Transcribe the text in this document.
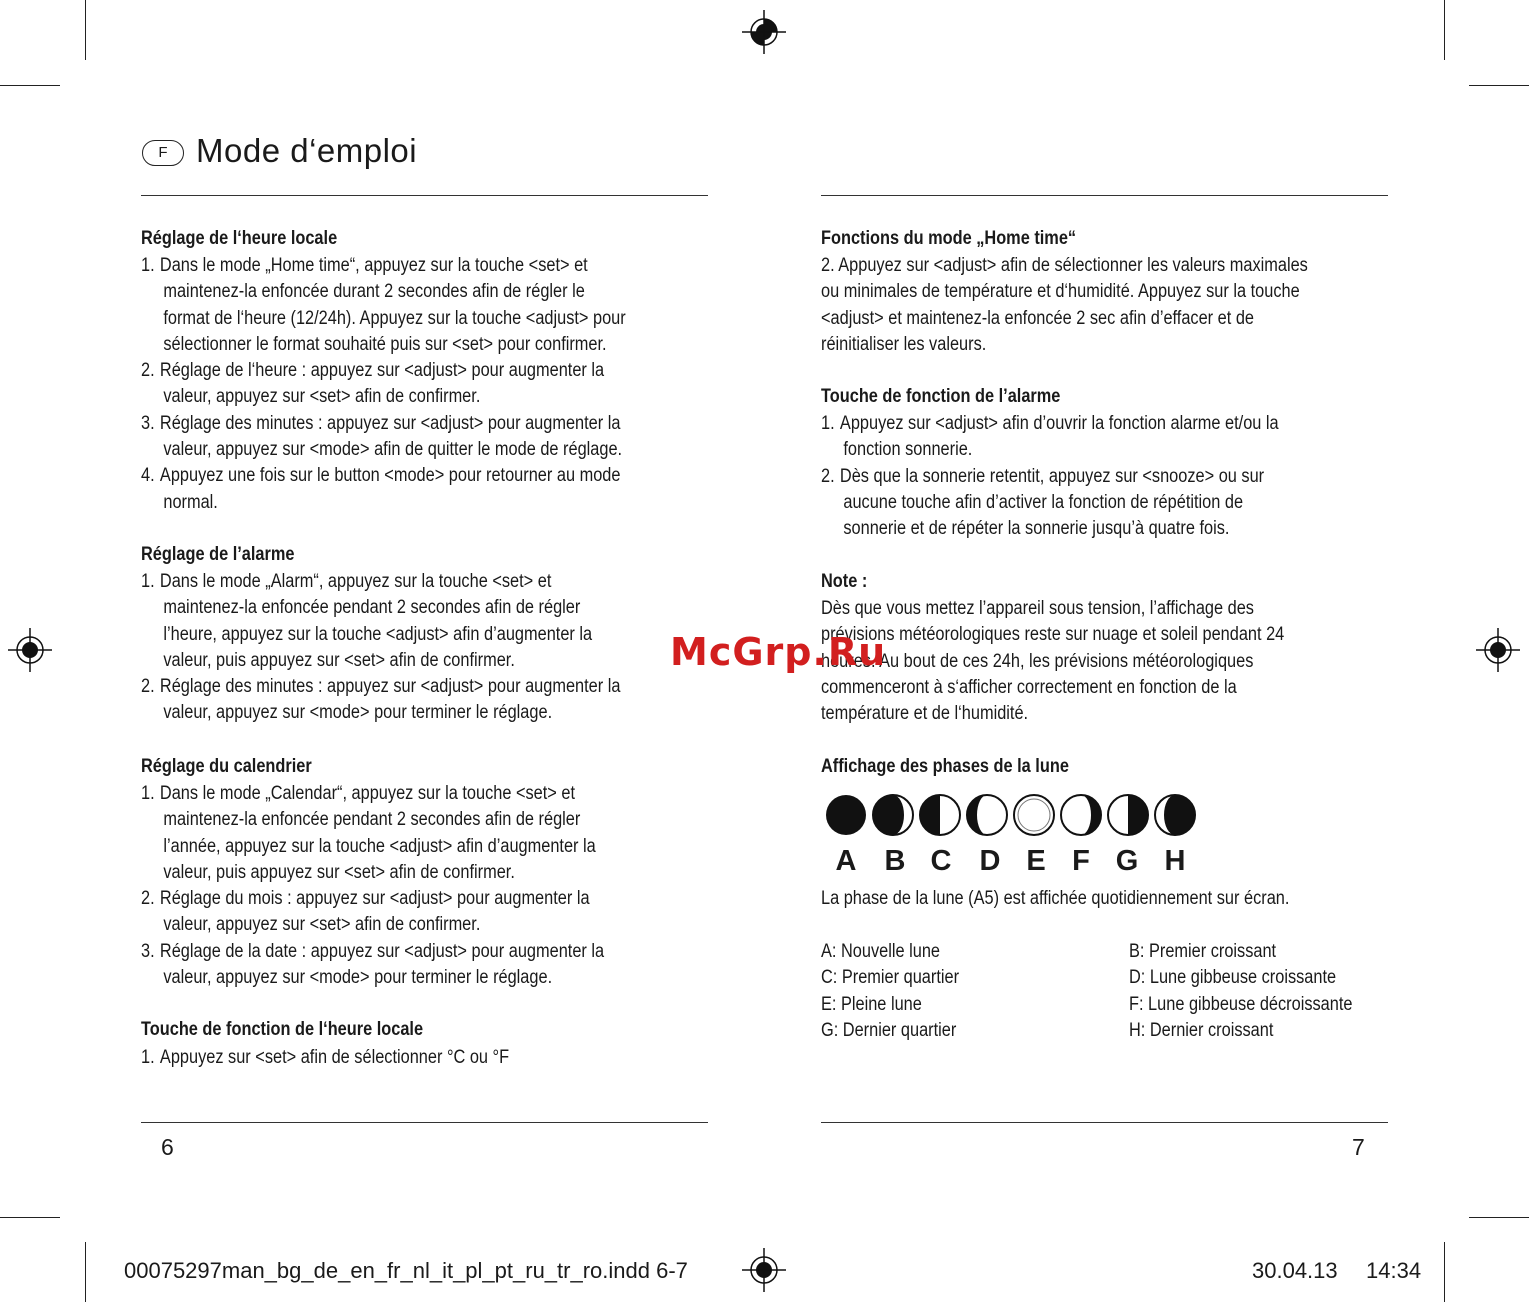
F Mode d‘emploi
Réglage de l‘heure locale
1. Dans le mode „Home time“, appuyez sur la touche <set> et
maintenez-la enfoncée durant 2 secondes afin de régler le
format de l‘heure (12/24h). Appuyez sur la touche <adjust> pour
sélectionner le format souhaité puis sur <set> pour confirmer.
2. Réglage de l‘heure : appuyez sur <adjust> pour augmenter la
valeur, appuyez sur <set> afin de confirmer.
3. Réglage des minutes : appuyez sur <adjust> pour augmenter la
valeur, appuyez sur <mode> afin de quitter le mode de réglage.
4. Appuyez une fois sur le button <mode> pour retourner au mode
normal.
Réglage de l’alarme
1. Dans le mode „Alarm“, appuyez sur la touche <set> et
maintenez-la enfoncée pendant 2 secondes afin de régler
l’heure, appuyez sur la touche <adjust> afin d’augmenter la
valeur, puis appuyez sur <set> afin de confirmer.
2. Réglage des minutes : appuyez sur <adjust> pour augmenter la
valeur, appuyez sur <mode> pour terminer le réglage.
Réglage du calendrier
1. Dans le mode „Calendar“, appuyez sur la touche <set> et
maintenez-la enfoncée pendant 2 secondes afin de régler
l’année, appuyez sur la touche <adjust> afin d’augmenter la
valeur, puis appuyez sur <set> afin de confirmer.
2. Réglage du mois : appuyez sur <adjust> pour augmenter la
valeur, appuyez sur <set> afin de confirmer.
3. Réglage de la date : appuyez sur <adjust> pour augmenter la
valeur, appuyez sur <mode> pour terminer le réglage.
Touche de fonction de l‘heure locale
1. Appuyez sur <set> afin de sélectionner °C ou °F
Fonctions du mode „Home time“
2. Appuyez sur <adjust> afin de sélectionner les valeurs maximales
ou minimales de température et d‘humidité. Appuyez sur la touche
<adjust> et maintenez-la enfoncée 2 sec afin d’effacer et de
réinitialiser les valeurs.
Touche de fonction de l’alarme
1. Appuyez sur <adjust> afin d’ouvrir la fonction alarme et/ou la
fonction sonnerie.
2. Dès que la sonnerie retentit, appuyez sur <snooze> ou sur
aucune touche afin d’activer la fonction de répétition de
sonnerie et de répéter la sonnerie jusqu’à quatre fois.
Note :
Dès que vous mettez l’appareil sous tension, l’affichage des
prévisions météorologiques reste sur nuage et soleil pendant 24
heures. Au bout de ces 24h, les prévisions météorologiques
commenceront à s‘afficher correctement en fonction de la
température et de l‘humidité.
Affichage des phases de la lune
A B C D E F G H
La phase de la lune (A5) est affichée quotidiennement sur écran.
A: Nouvelle lune
C: Premier quartier
E: Pleine lune
G: Dernier quartier
B: Premier croissant
D: Lune gibbeuse croissante
F: Lune gibbeuse décroissante
H: Dernier croissant
McGrp.Ru
6	7
00075297man_bg_de_en_fr_nl_it_pl_pt_ru_tr_ro.indd 6-7	30.04.13 14:34
